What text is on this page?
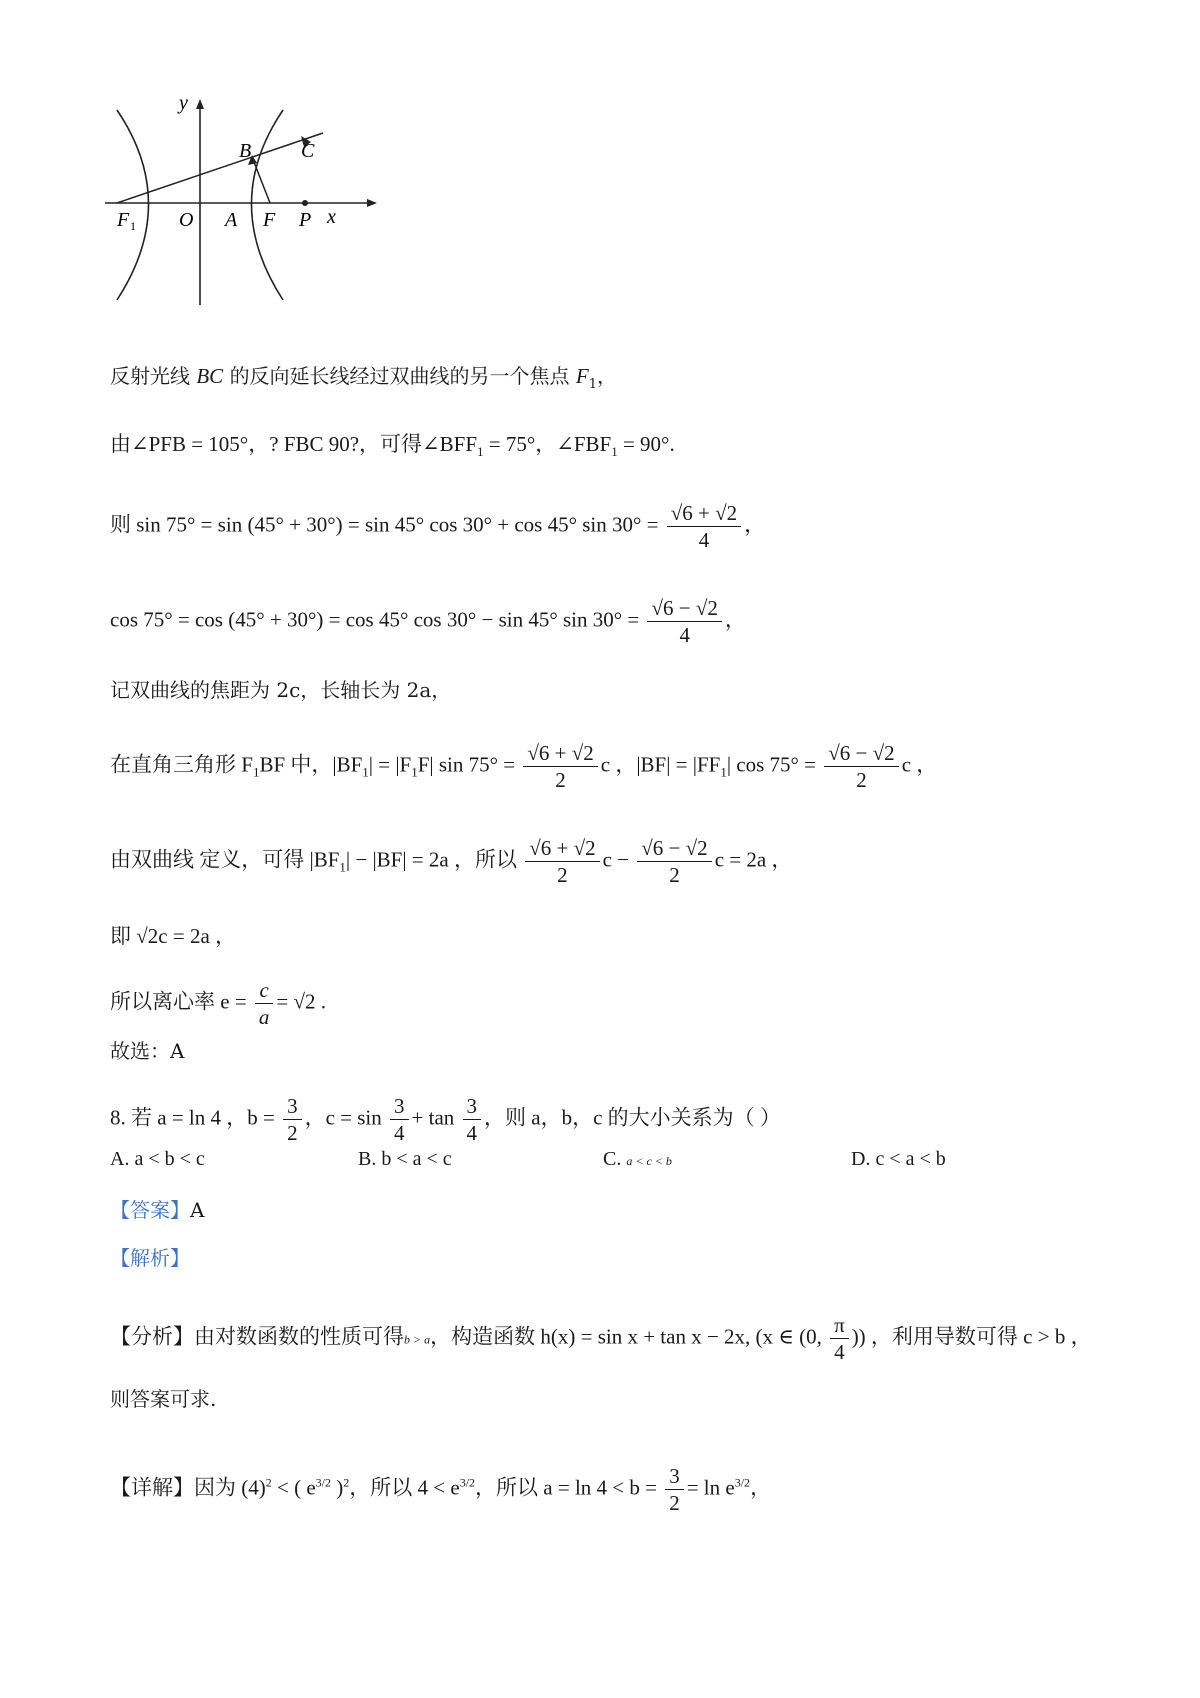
y
B C
F 1 O A F P x
反射光线 BC 的反向延长线经过双曲线的另一个焦点 $F_1$，
由∠PFB = 105°，? FBC 90?，可得$\angle BFF_1 = 75^\circ$，$\angle FBF_1 = 90^\circ$.
则 sin 75° = sin (45° + 30°) = sin 45° cos 30° + cos 45° $\sin 30^\circ = \frac{√6 + √2}{4}$ ，
cos 75° = cos (45° + 30°) = cos 45° cos 30° − sin 45° $\sin 30^\circ = \frac{√6 - √2}{4}$ ，
记双曲线的焦距为 2c，长轴长为 2a，
在直角三角形 $F_1BF$ 中，$|BF_1| = |F_1F|$ $\sin 75^\circ = \frac{√6 + √2}{2}$ c ，$|BF| = |FF_1|$ $\cos 75^\circ = \frac{√6 - √2}{2}$ c ，
由双曲线 定义，可得 $|BF_1| - |BF| = 2a$ ，所以 $\frac{√6 + √2}{2}$ $c - \frac{√6 - √2}{2}$ c = 2a ，
即 √2c = 2a ，
所以离心率 $e = \frac{c}{a} = √2$ .
故选：A
8. 若 a = ln 4 ，$b = \frac{3}{2}$ ，$c = \sin \frac{3}{4} + \tan \frac{3}{4}$ ，则 a，b，c 的大小关系为（ ）
A. a < b < c	B. b < a < c	C. a < c < b	D. c < a < b
【答案】A
【解析】
【分析】由对数函数的性质可得b > a，构造函数 h(x) = sin x + tan x − 2x, (x ∈ (0, $\frac{\pi}{4}$ )) ，利用导数可得 c > b ，
则答案可求.
【详解】因为 $(4)^2$ < ( $e^{3/2}$ )$^2$，所以 $4 < e^{3/2}$，所以 $a = \ln 4 < b = \frac{3}{2} = \ln e^{3/2}$，
